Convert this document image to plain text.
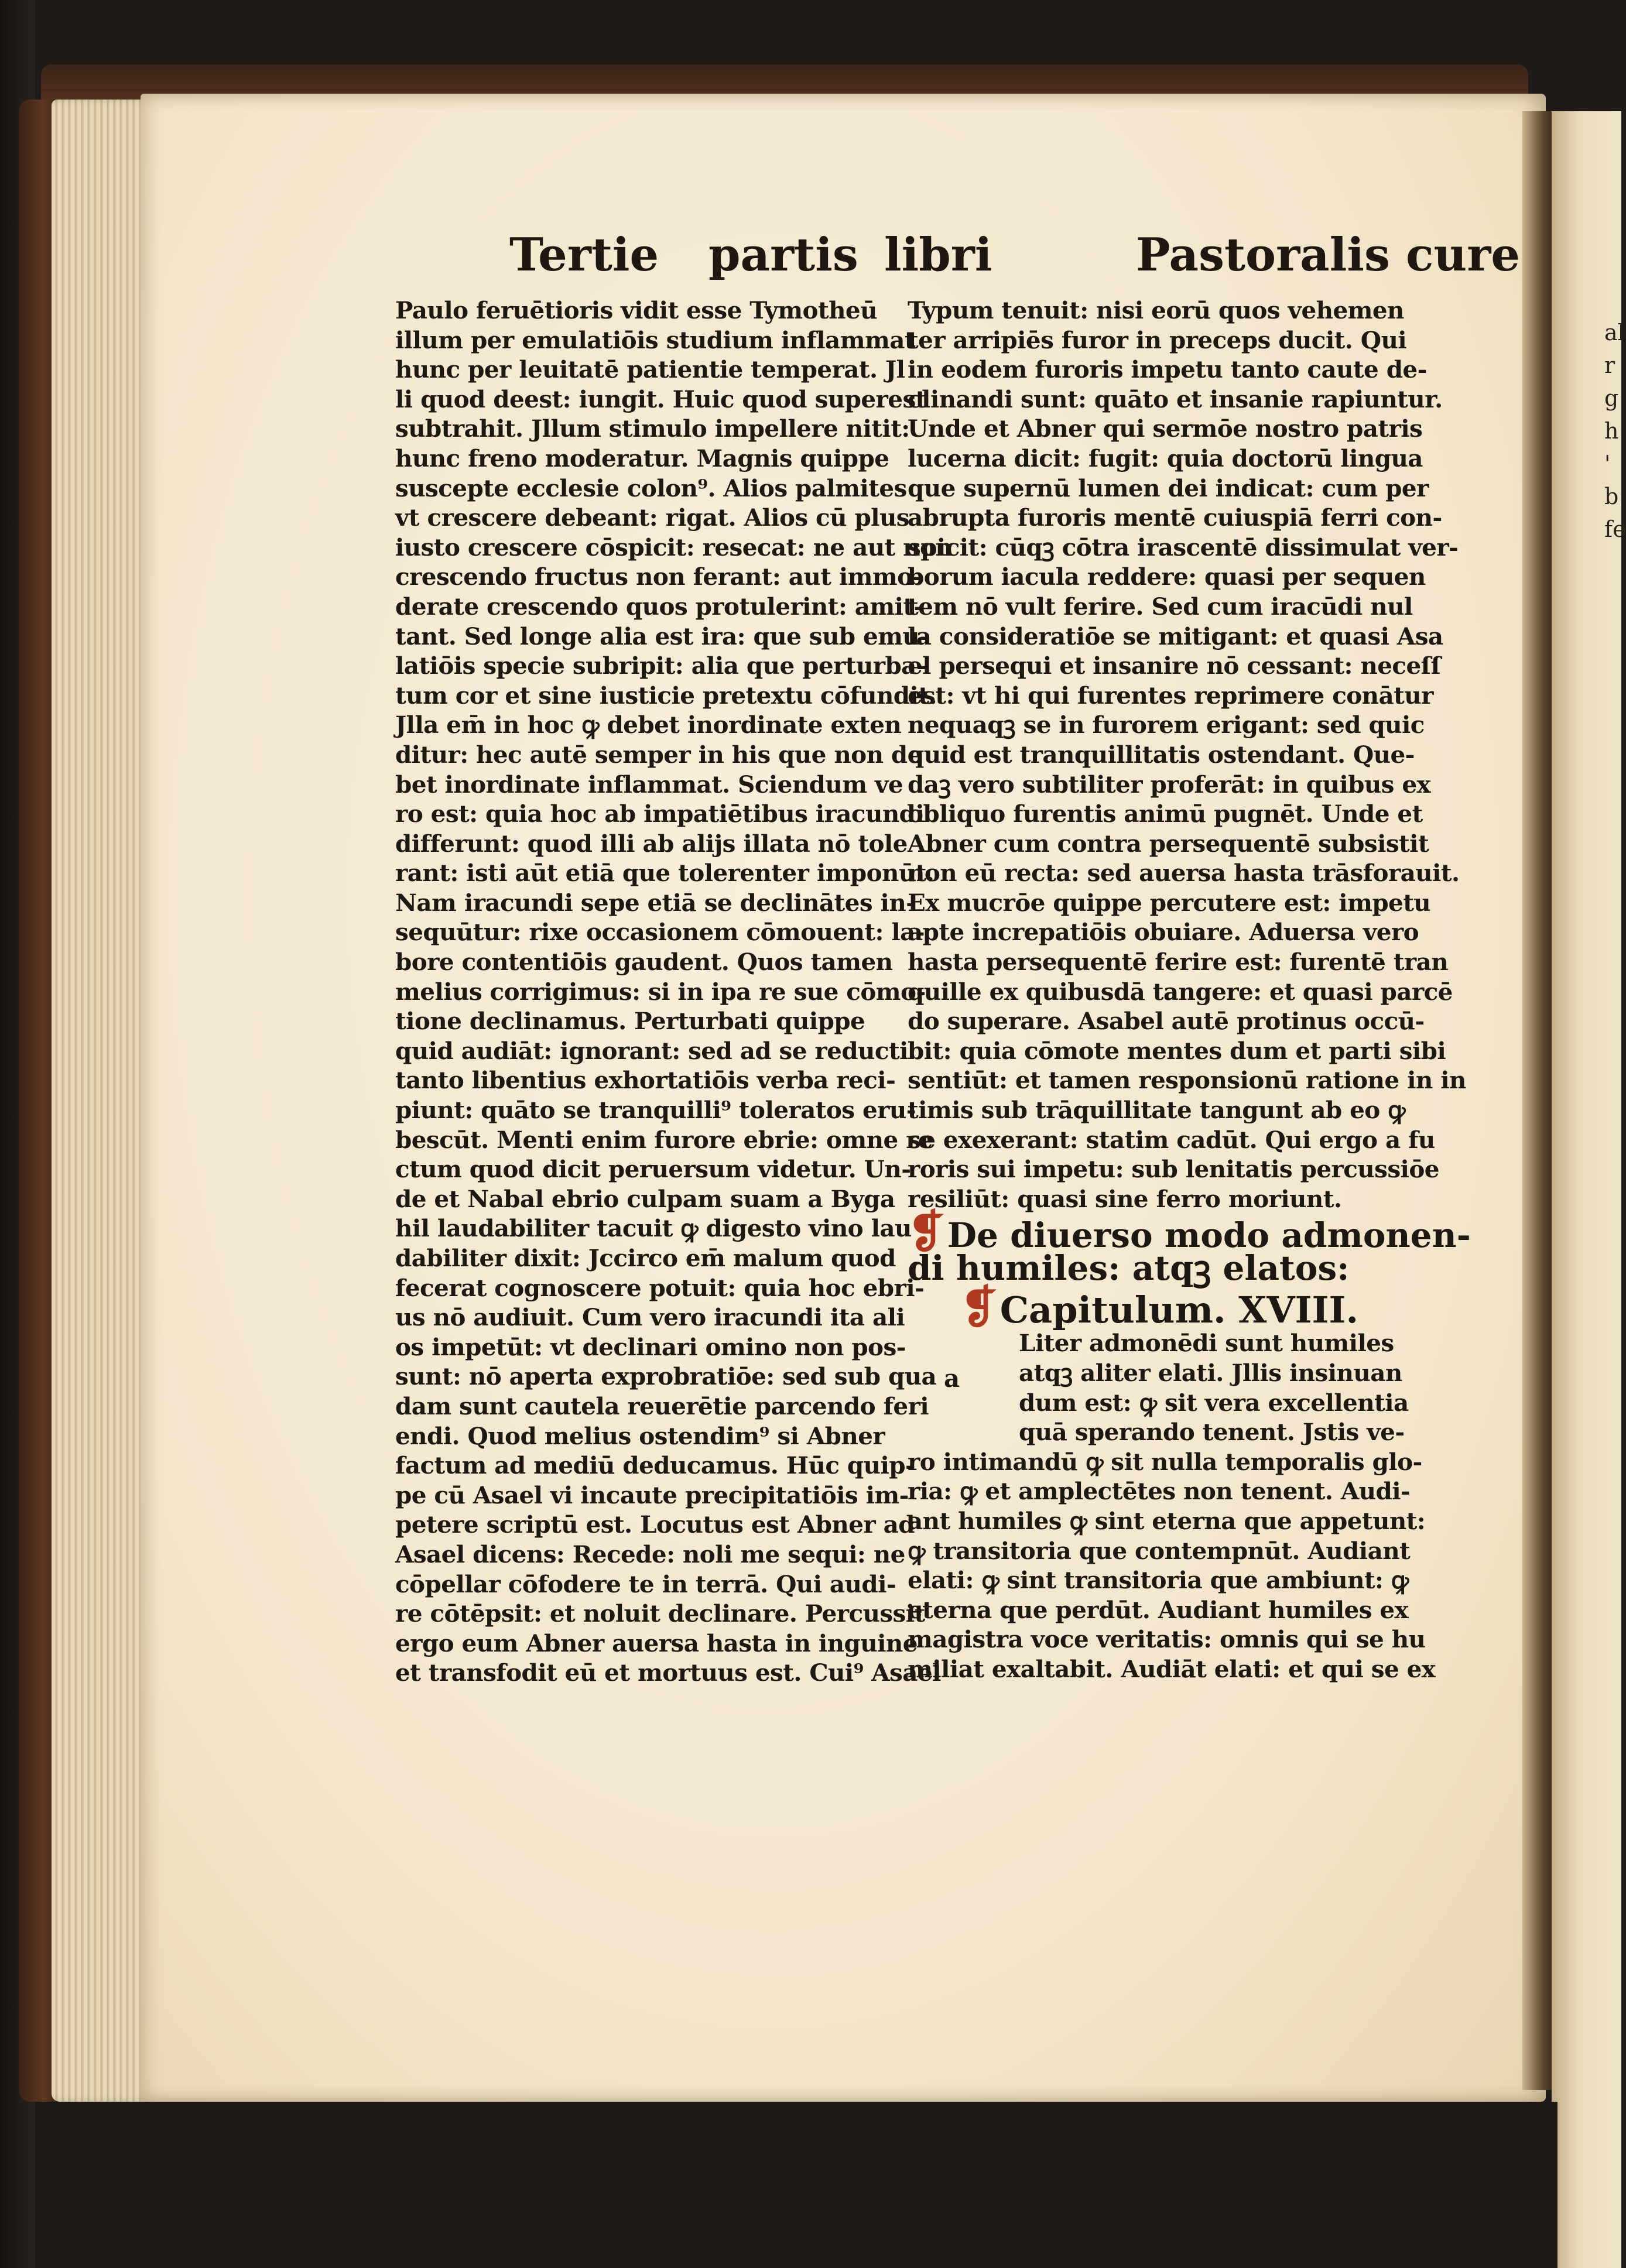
al
r
g
h
'
b
fe
Tertie partis libri	Pastoralis cure
Paulo feruētioris vidit esse Tymotheū
illum per emulatiōis studium inflammat
hunc per leuitatē patientie temperat. Jl
li quod deest: iungit. Huic quod superest
subtrahit. Jllum stimulo impellere nitit:
hunc freno moderatur. Magnis quippe
suscepte ecclesie colon⁹. Alios palmites
vt crescere debeant: rigat. Alios cū plus
iusto crescere cōspicit: resecat: ne aut non
crescendo fructus non ferant: aut immo-
derate crescendo quos protulerint: amit-
tant. Sed longe alia est ira: que sub emu-
latiōis specie subripit: alia que perturba-
tum cor et sine iusticie pretextu cōfundit.
Jlla em̄ in hoc ꝙ debet inordinate exten
ditur: hec autē semper in his que non de
bet inordinate inflammat. Sciendum ve
ro est: quia hoc ab impatiētibus iracundi
differunt: quod illi ab alijs illata nō tole
rant: isti aūt etiā que tolerenter imponūt.
Nam iracundi sepe etiā se declinātes in-
sequūtur: rixe occasionem cōmouent: la-
bore contentiōis gaudent. Quos tamen
melius corrigimus: si in ipa re sue cōmo-
tione declinamus. Perturbati quippe
quid audiāt: ignorant: sed ad se reducti
tanto libentius exhortatiōis verba reci-
piunt: quāto se tranquilli⁹ toleratos eru-
bescūt. Menti enim furore ebrie: omne re
ctum quod dicit peruersum videtur. Un-
de et Nabal ebrio culpam suam a Byga
hil laudabiliter tacuit ꝙ digesto vino lau
dabiliter dixit: Jccirco em̄ malum quod
fecerat cognoscere potuit: quia hoc ebri-
us nō audiuit. Cum vero iracundi ita ali
os impetūt: vt declinari omino non pos-
sunt: nō aperta exprobratiōe: sed sub qua
dam sunt cautela reuerētie parcendo feri
endi. Quod melius ostendim⁹ si Abner
factum ad mediū deducamus. Hūc quip-
pe cū Asael vi incaute precipitatiōis im-
petere scriptū est. Locutus est Abner ad
Asael dicens: Recede: noli me sequi: ne
cōpellar cōfodere te in terrā. Qui audi-
re cōtēpsit: et noluit declinare. Percussit
ergo eum Abner auersa hasta in inguine
et transfodit eū et mortuus est. Cui⁹ Asael
Typum tenuit: nisi eorū quos vehemen
ter arripiēs furor in preceps ducit. Qui
in eodem furoris impetu tanto caute de-
clinandi sunt: quāto et insanie rapiuntur.
Unde et Abner qui sermōe nostro patris
lucerna dicit: fugit: quia doctorū lingua
que supernū lumen dei indicat: cum per
abrupta furoris mentē cuiuspiā ferri con-
spicit: cūqꝫ cōtra irascentē dissimulat ver-
borum iacula reddere: quasi per sequen
tem nō vult ferire. Sed cum iracūdi nul
la consideratiōe se mitigant: et quasi Asa
el persequi et insanire nō cessant: neceſſ
est: vt hi qui furentes reprimere conātur
nequaqꝫ se in furorem erigant: sed quic
quid est tranquillitatis ostendant. Que-
daꝫ vero subtiliter proferāt: in quibus ex
obliquo furentis animū pugnēt. Unde et
Abner cum contra persequentē subsistit
non eū recta: sed auersa hasta trāsforauit.
Ex mucrōe quippe percutere est: impetu
apte increpatiōis obuiare. Aduersa vero
hasta persequentē ferire est: furentē tran
quille ex quibusdā tangere: et quasi parcē
do superare. Asabel autē protinus occū-
bit: quia cōmote mentes dum et parti sibi
sentiūt: et tamen responsionū ratione in in
timis sub trāquillitate tangunt ab eo ꝙ
se exexerant: statim cadūt. Qui ergo a fu
roris sui impetu: sub lenitatis percussiōe
resiliūt: quasi sine ferro moriunt.
❡De diuerso modo admonen-
di humiles: atqꝫ elatos:
❡Capitulum. XVIII.
Liter admonēdi sunt humiles
atqꝫ aliter elati. Jllis insinuan
dum est: ꝙ sit vera excellentia
quā sperando tenent. Jstis ve-
ro intimandū ꝙ sit nulla temporalis glo-
ria: ꝙ et amplectētes non tenent. Audi-
ant humiles ꝙ sint eterna que appetunt:
ꝙ transitoria que contempnūt. Audiant
elati: ꝙ sint transitoria que ambiunt: ꝙ
eterna que perdūt. Audiant humiles ex
magistra voce veritatis: omnis qui se hu
miliat exaltabit. Audiāt elati: et qui se ex
a
